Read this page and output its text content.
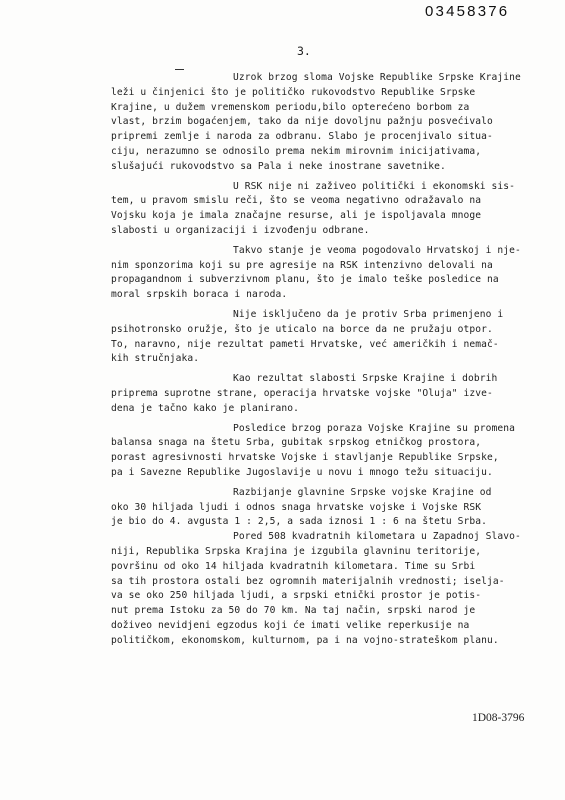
03458376
3.

Uzrok brzog sloma Vojske Republike Srpske Krajine
leži u činjenici što je političko rukovodstvo Republike Srpske
Krajine, u dužem vremenskom periodu,bilo opterećeno borbom za
vlast, brzim bogaćenjem, tako da nije dovoljnu pažnju posvećivalo
pripremi zemlje i naroda za odbranu. Slabo je procenjivalo situa-
ciju, nerazumno se odnosilo prema nekim mirovnim inicijativama,
slušajući rukovodstvo sa Pala i neke inostrane savetnike.

U RSK nije ni zaživeo politički i ekonomski sis-
tem, u pravom smislu reči, što se veoma negativno odražavalo na
Vojsku koja je imala značajne resurse, ali je ispoljavala mnoge
slabosti u organizaciji i izvođenju odbrane.

Takvo stanje je veoma pogodovalo Hrvatskoj i nje-
nim sponzorima koji su pre agresije na RSK intenzivno delovali na
propagandnom i subverzivnom planu, što je imalo teške posledice na
moral srpskih boraca i naroda.

Nije isključeno da je protiv Srba primenjeno i
psihotronsko oružje, što je uticalo na borce da ne pružaju otpor.
To, naravno, nije rezultat pameti Hrvatske, već američkih i nemač-
kih stručnjaka.

Kao rezultat slabosti Srpske Krajine i dobrih
priprema suprotne strane, operacija hrvatske vojske "Oluja" izve-
dena je tačno kako je planirano.

Posledice brzog poraza Vojske Krajine su promena
balansa snaga na štetu Srba, gubitak srpskog etničkog prostora,
porast agresivnosti hrvatske Vojske i stavljanje Republike Srpske,
pa i Savezne Republike Jugoslavije u novu i mnogo težu situaciju.

Razbijanje glavnine Srpske vojske Krajine od
oko 30 hiljada ljudi i odnos snaga hrvatske vojske i Vojske RSK
je bio do 4. avgusta 1 : 2,5, a sada iznosi 1 : 6 na štetu Srba.

Pored 508 kvadratnih kilometara u Zapadnoj Slavo-
niji, Republika Srpska Krajina je izgubila glavninu teritorije,
površinu od oko 14 hiljada kvadratnih kilometara. Time su Srbi
sa tih prostora ostali bez ogromnih materijalnih vrednosti; iselja-
va se oko 250 hiljada ljudi, a srpski etnički prostor je potis-
nut prema Istoku za 50 do 70 km. Na taj način, srpski narod je
doživeo nevidjeni egzodus koji će imati velike reperkusije na
političkom, ekonomskom, kulturnom, pa i na vojno-strateškom planu.

1D08-3796
